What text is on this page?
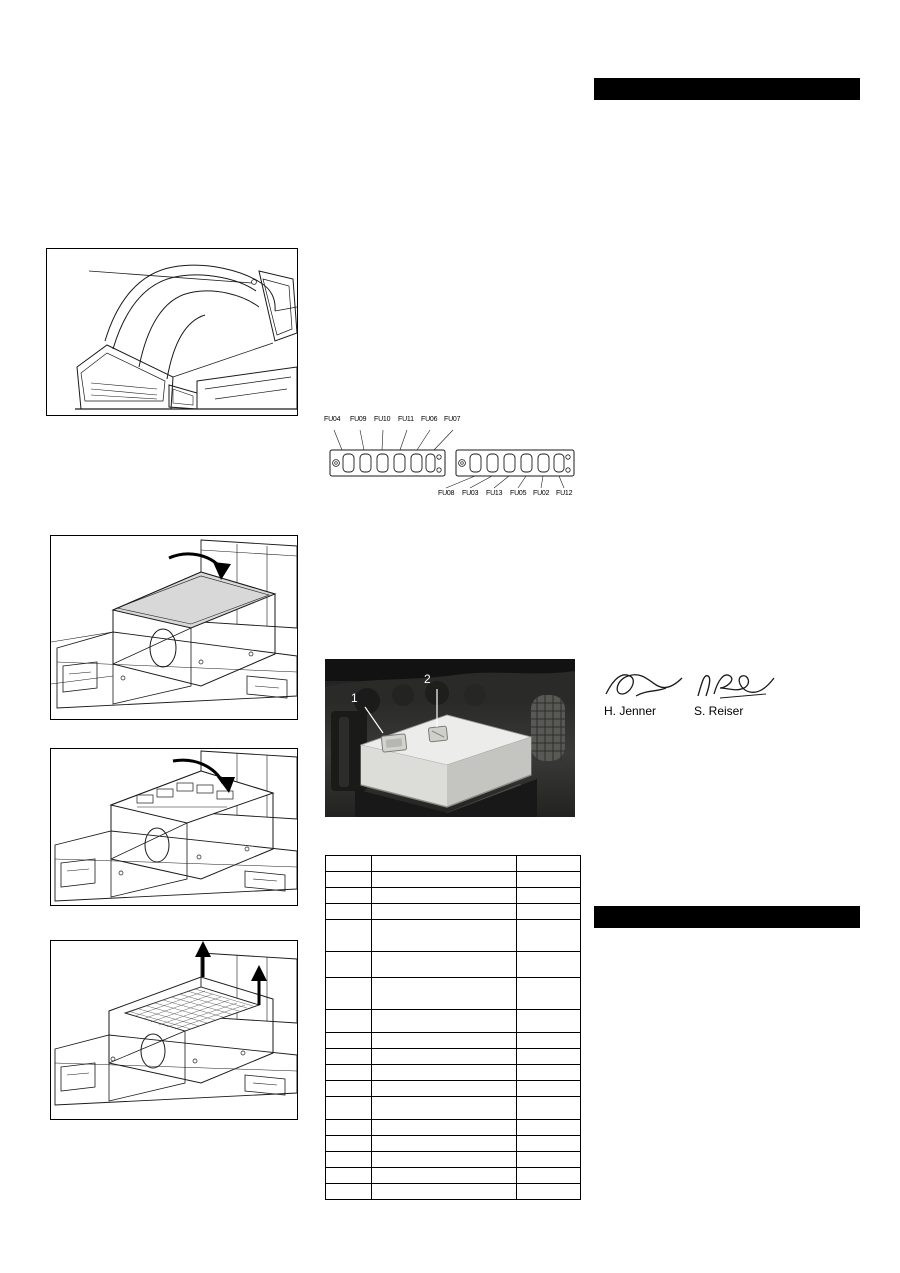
FU04 FU09 FU10 FU11 FU06 FU07
FU08 FU03 FU13 FU05 FU02 FU12
1
2
H. Jenner	S. Reiser
